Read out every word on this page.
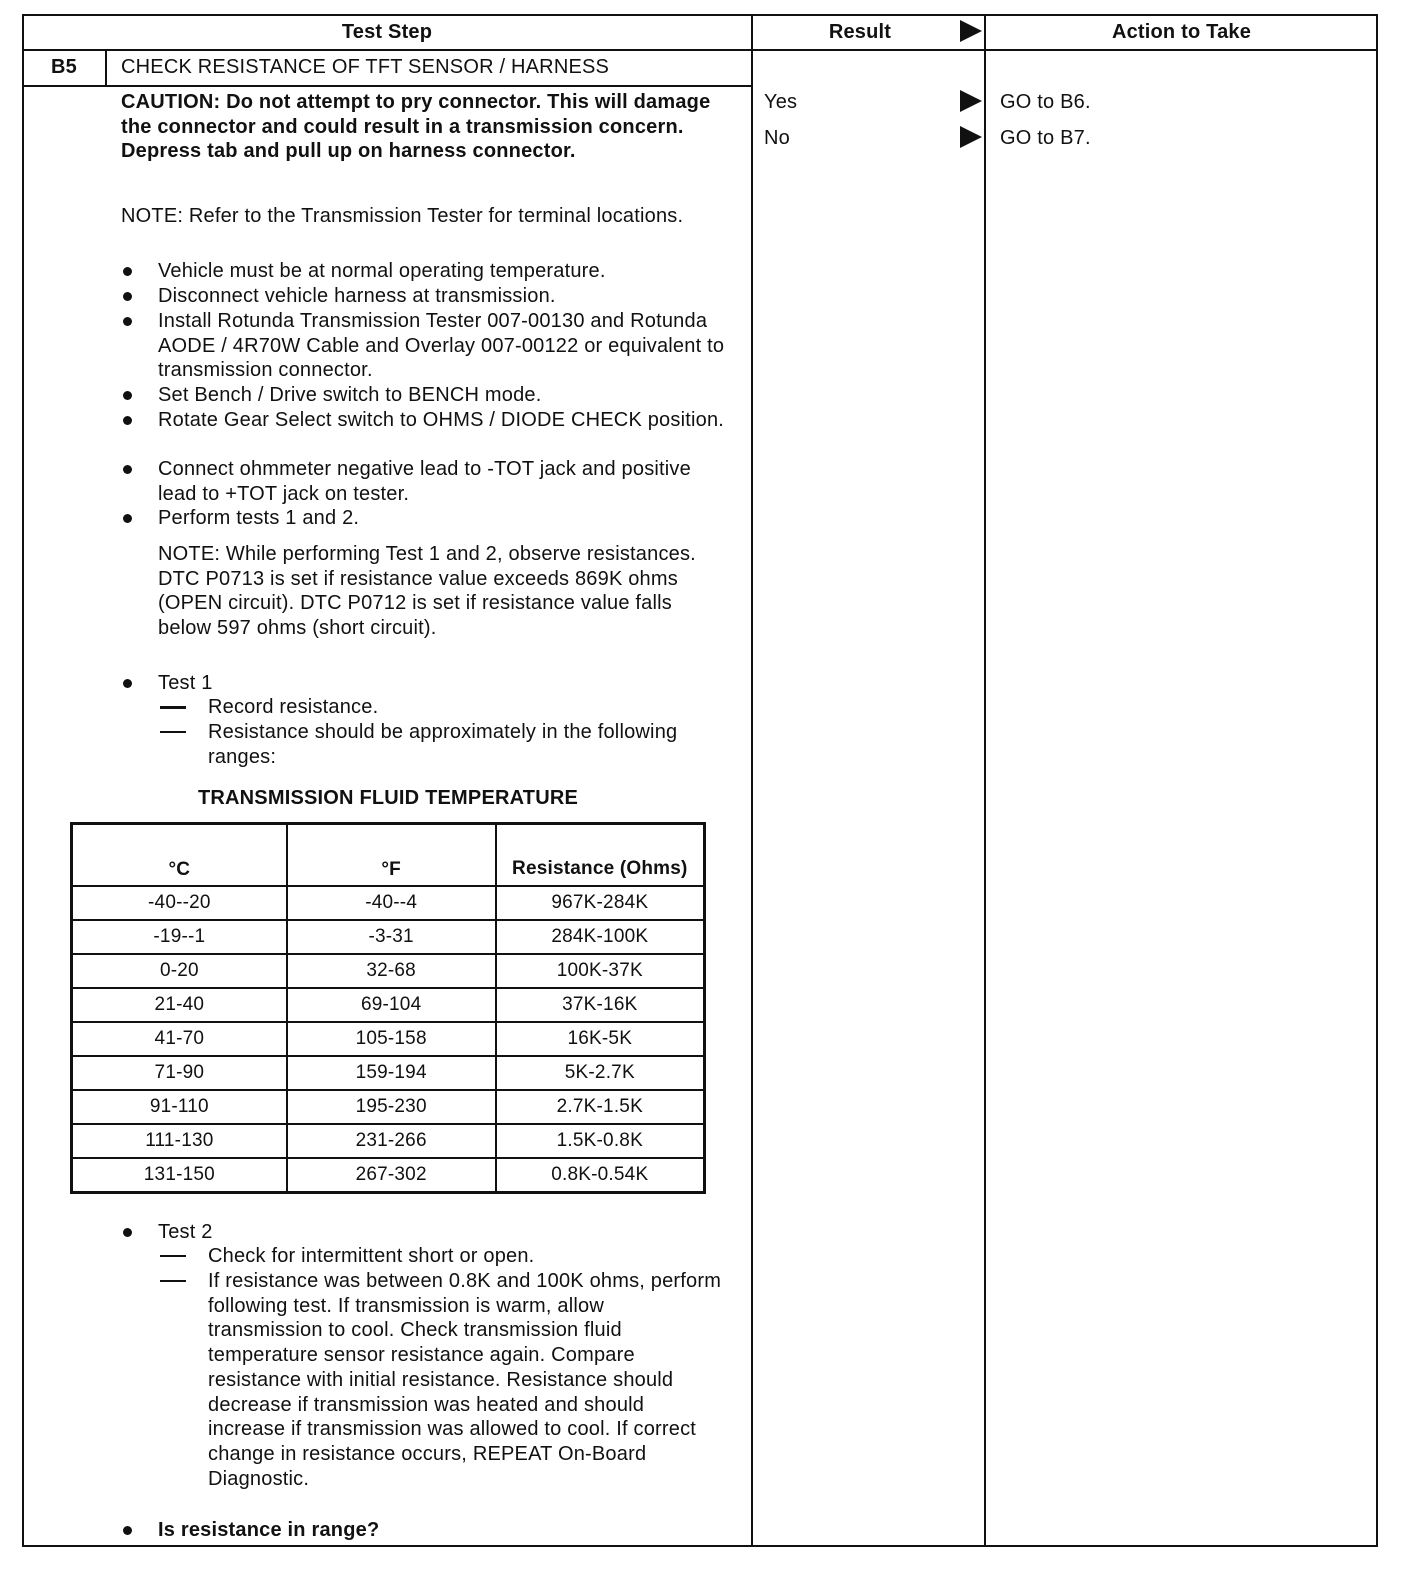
Test Step	Result	Action to Take
B5	CHECK RESISTANCE OF TFT SENSOR / HARNESS
Yes	GO to B6.
No	GO to B7.
CAUTION: Do not attempt to pry connector. This will damage the connector and could result in a transmission concern. Depress tab and pull up on harness connector.
NOTE: Refer to the Transmission Tester for terminal locations.
Vehicle must be at normal operating temperature.
Disconnect vehicle harness at transmission.
Install Rotunda Transmission Tester 007-00130 and Rotunda AODE / 4R70W Cable and Overlay 007-00122 or equivalent to transmission connector.
Set Bench / Drive switch to BENCH mode.
Rotate Gear Select switch to OHMS / DIODE CHECK position.
Connect ohmmeter negative lead to -TOT jack and positive lead to +TOT jack on tester.
Perform tests 1 and 2.
NOTE: While performing Test 1 and 2, observe resistances. DTC P0713 is set if resistance value exceeds 869K ohms (OPEN circuit). DTC P0712 is set if resistance value falls below 597 ohms (short circuit).
Test 1
Record resistance.
Resistance should be approximately in the following ranges:
TRANSMISSION FLUID TEMPERATURE
°C	°F	Resistance (Ohms)
-40--20	-40--4	967K-284K
-19--1	-3-31	284K-100K
0-20	32-68	100K-37K
21-40	69-104	37K-16K
41-70	105-158	16K-5K
71-90	159-194	5K-2.7K
91-110	195-230	2.7K-1.5K
111-130	231-266	1.5K-0.8K
131-150	267-302	0.8K-0.54K
Test 2
Check for intermittent short or open.
If resistance was between 0.8K and 100K ohms, perform following test. If transmission is warm, allow transmission to cool. Check transmission fluid temperature sensor resistance again. Compare resistance with initial resistance. Resistance should decrease if transmission was heated and should increase if transmission was allowed to cool. If correct change in resistance occurs, REPEAT On-Board Diagnostic.
Is resistance in range?
